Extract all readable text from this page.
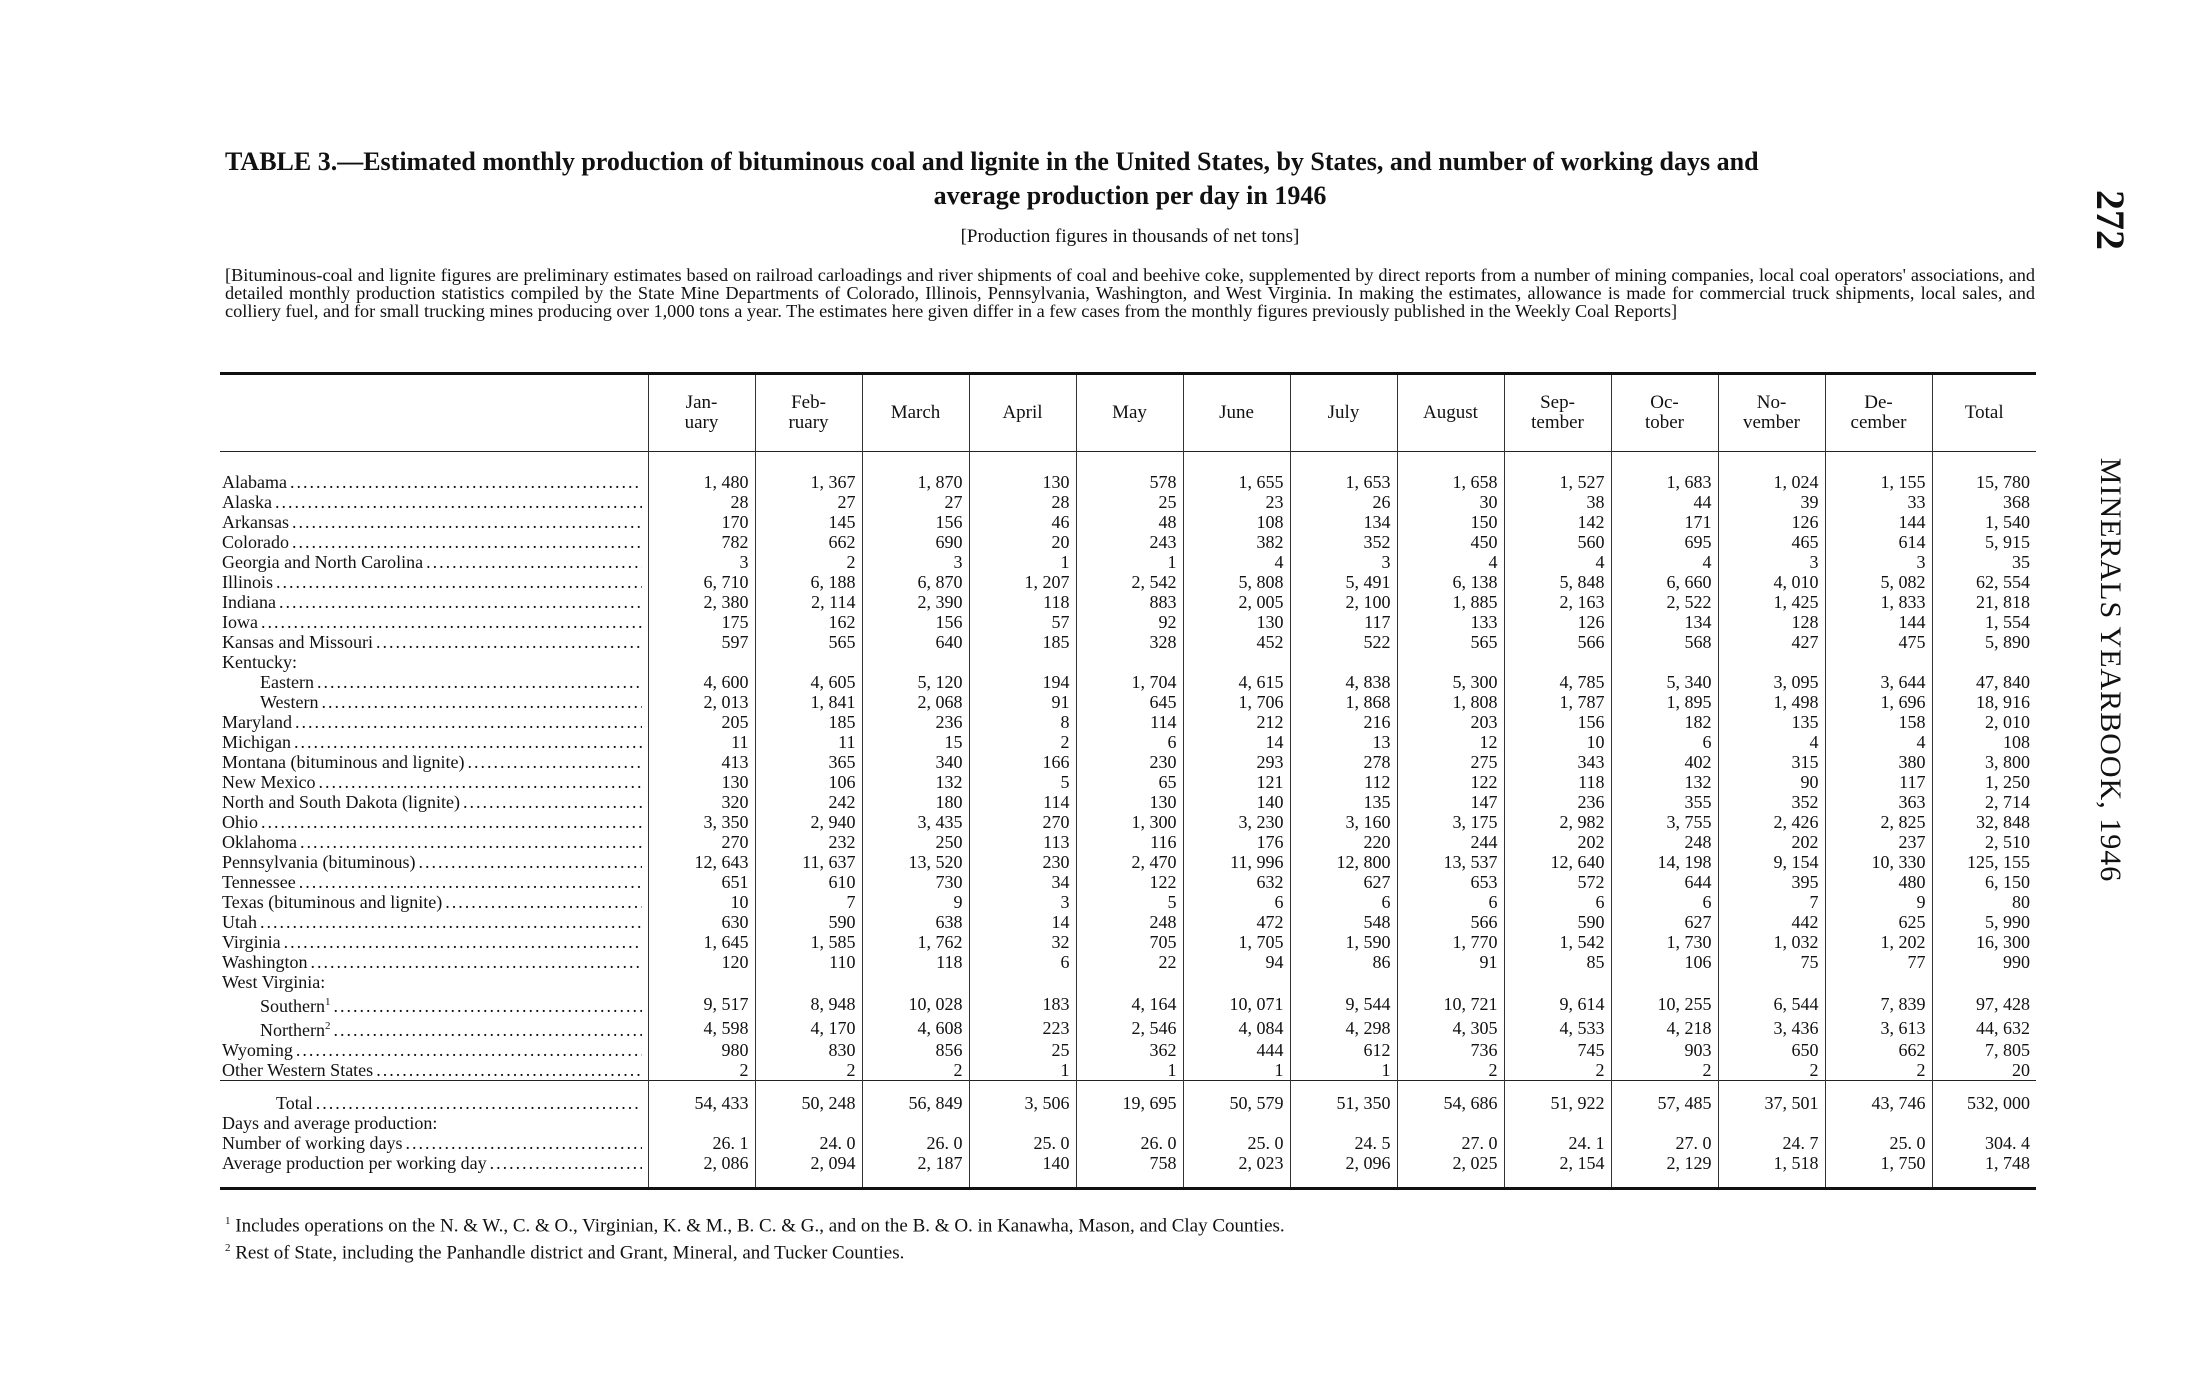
TABLE 3.—Estimated monthly production of bituminous coal and lignite in the United States, by States, and number of working days and
average production per day in 1946
[Production figures in thousands of net tons]

[Bituminous-coal and lignite figures are preliminary estimates based on railroad carloadings and river shipments of coal and beehive coke, supplemented by direct reports from a number of mining companies, local coal operators' associations, and detailed monthly production statistics compiled by the State Mine Departments of Colorado, Illinois, Pennsylvania, Washington, and West Virginia. In making the estimates, allowance is made for commercial truck shipments, local sales, and colliery fuel, and for small trucking mines producing over 1,000 tons a year. The estimates here given differ in a few cases from the monthly figures previously published in the Weekly Coal Reports]

272
MINERALS YEARBOOK, 1946
	Jan-
uary	Feb-
ruary	March	April	May	June	July	August	Sep-
tember	Oc-
tober	No-
vember	De-
cember	Total

Alabama .....	1, 480	1, 367	1, 870	130	578	1, 655	1, 653	1, 658	1, 527	1, 683	1, 024	1, 155	15, 780

Alaska .....	28	27	27	28	25	23	26	30	38	44	39	33	368

Arkansas .....	170	145	156	46	48	108	134	150	142	171	126	144	1, 540

Colorado .....	782	662	690	20	243	382	352	450	560	695	465	614	5, 915

Georgia and North Carolina .....	3	2	3	1	1	4	3	4	4	4	3	3	35

Illinois .....	6, 710	6, 188	6, 870	1, 207	2, 542	5, 808	5, 491	6, 138	5, 848	6, 660	4, 010	5, 082	62, 554

Indiana .....	2, 380	2, 114	2, 390	118	883	2, 005	2, 100	1, 885	2, 163	2, 522	1, 425	1, 833	21, 818

Iowa .....	175	162	156	57	92	130	117	133	126	134	128	144	1, 554

Kansas and Missouri .....	597	565	640	185	328	452	522	565	566	568	427	475	5, 890
Kentucky:													

Eastern .....	4, 600	4, 605	5, 120	194	1, 704	4, 615	4, 838	5, 300	4, 785	5, 340	3, 095	3, 644	47, 840

Western .....	2, 013	1, 841	2, 068	91	645	1, 706	1, 868	1, 808	1, 787	1, 895	1, 498	1, 696	18, 916

Maryland .....	205	185	236	8	114	212	216	203	156	182	135	158	2, 010

Michigan .....	11	11	15	2	6	14	13	12	10	6	4	4	108

Montana (bituminous and lignite) .....	413	365	340	166	230	293	278	275	343	402	315	380	3, 800

New Mexico .....	130	106	132	5	65	121	112	122	118	132	90	117	1, 250

North and South Dakota (lignite) .....	320	242	180	114	130	140	135	147	236	355	352	363	2, 714

Ohio .....	3, 350	2, 940	3, 435	270	1, 300	3, 230	3, 160	3, 175	2, 982	3, 755	2, 426	2, 825	32, 848

Oklahoma .....	270	232	250	113	116	176	220	244	202	248	202	237	2, 510

Pennsylvania (bituminous) .....	12, 643	11, 637	13, 520	230	2, 470	11, 996	12, 800	13, 537	12, 640	14, 198	9, 154	10, 330	125, 155

Tennessee .....	651	610	730	34	122	632	627	653	572	644	395	480	6, 150

Texas (bituminous and lignite) .....	10	7	9	3	5	6	6	6	6	6	7	9	80

Utah .....	630	590	638	14	248	472	548	566	590	627	442	625	5, 990

Virginia .....	1, 645	1, 585	1, 762	32	705	1, 705	1, 590	1, 770	1, 542	1, 730	1, 032	1, 202	16, 300

Washington .....	120	110	118	6	22	94	86	91	85	106	75	77	990
West Virginia:													

Southern$^1$ .....	9, 517	8, 948	10, 028	183	4, 164	10, 071	9, 544	10, 721	9, 614	10, 255	6, 544	7, 839	97, 428

Northern$^2$ .....	4, 598	4, 170	4, 608	223	2, 546	4, 084	4, 298	4, 305	4, 533	4, 218	3, 436	3, 613	44, 632

Wyoming .....	980	830	856	25	362	444	612	736	745	903	650	662	7, 805

Other Western States .....	2	2	2	1	1	1	1	2	2	2	2	2	20

Total .....	54, 433	50, 248	56, 849	3, 506	19, 695	50, 579	51, 350	54, 686	51, 922	57, 485	37, 501	43, 746	532, 000
Days and average production:													

Number of working days .....	26. 1	24. 0	26. 0	25. 0	26. 0	25. 0	24. 5	27. 0	24. 1	27. 0	24. 7	25. 0	304. 4

Average production per working day .....	2, 086	2, 094	2, 187	140	758	2, 023	2, 096	2, 025	2, 154	2, 129	1, 518	1, 750	1, 748

$^1$ Includes operations on the N. & W., C. & O., Virginian, K. & M., B. C. & G., and on the B. & O. in Kanawha, Mason, and Clay Counties.

$^2$ Rest of State, including the Panhandle district and Grant, Mineral, and Tucker Counties.
